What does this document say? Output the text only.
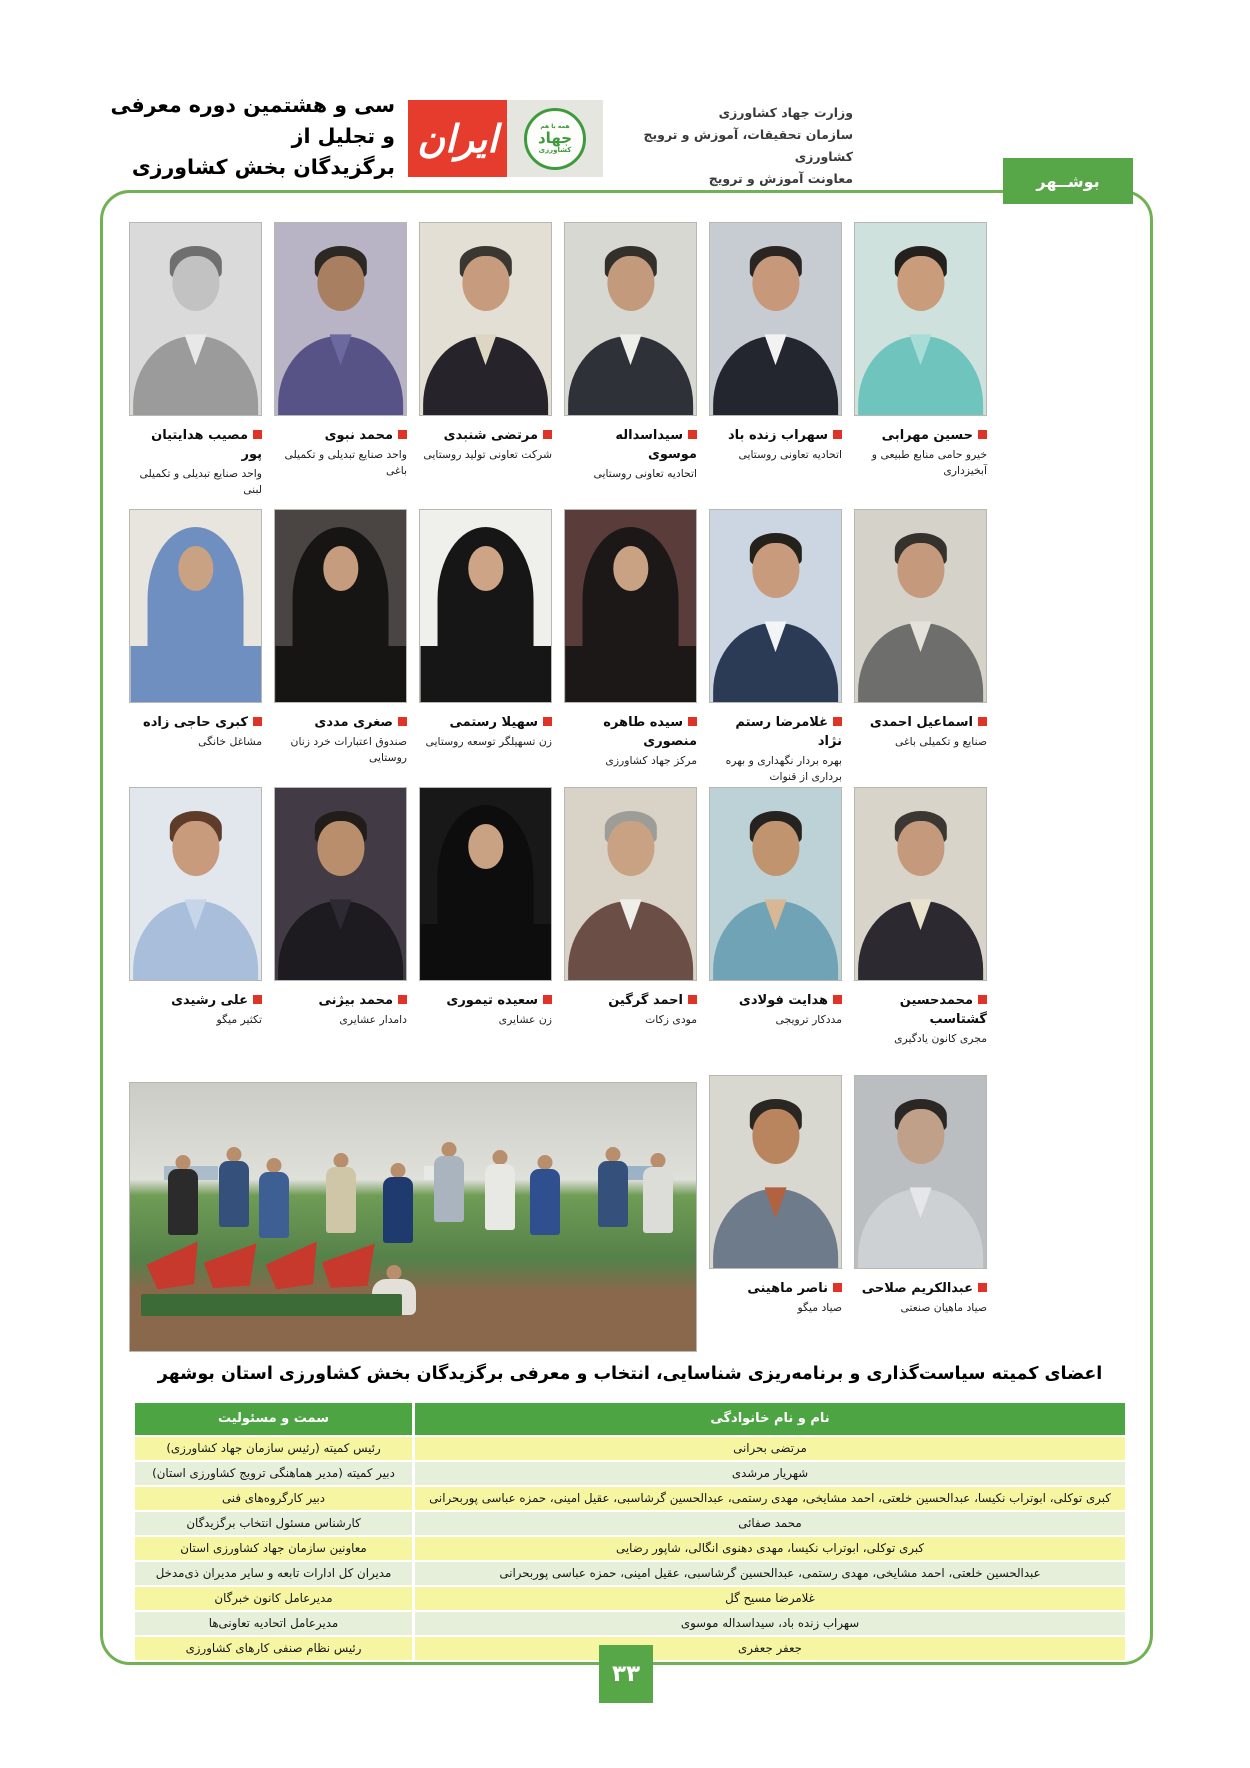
سی و هشتمین دوره معرفی و تجلیل از
برگزیدگان بخش کشاورزی
ایران	همه با هم
جهاد
کشاورزی
وزارت جهاد کشاورزی
سازمان تحقیقات، آموزش و ترویج کشاورزی
معاونت آموزش و ترویج	بوشــهر
حسین مهرابی
خیرو حامی منابع طبیعی و آبخیزداری
سهراب زنده باد
اتحادیه تعاونی روستایی
سیداسداله موسوی
اتحادیه تعاونی روستایی
مرتضی شنبدی
شرکت تعاونی تولید روستایی
محمد نبوی
واحد صنایع تبدیلی و تکمیلی باغی
مصیب هدایتیان پور
واحد صنایع تبدیلی و تکمیلی لبنی
اسماعیل احمدی
صنایع و تکمیلی باغی
غلامرضا رستم نژاد
بهره بردار نگهداری و بهره برداری از قنوات
سیده طاهره منصوری
مرکز جهاد کشاورزی
سهیلا رستمی
زن تسهیلگر توسعه روستایی
صغری مددی
صندوق اعتبارات خرد زنان روستایی
کبری حاجی زاده
مشاغل خانگی
محمدحسین گشتاسب
مجری کانون یادگیری
هدایت فولادی
مددکار ترویجی
احمد گرگین
مودی زکات
سعیده تیموری
زن عشایری
محمد بیژنی
دامدار عشایری
علی رشیدی
تکثیر میگو
عبدالکریم صلاحی
صیاد ماهیان صنعتی
ناصر ماهینی
صیاد میگو
اعضای کمیته سیاست‌گذاری و برنامه‌ریزی شناسایی، انتخاب و معرفی برگزیدگان بخش کشاورزی استان بوشهر
نام و نام خانوادگی
سمت و مسئولیت
مرتضی بحرانی
رئیس کمیته (رئیس سازمان جهاد کشاورزی)
شهریار مرشدی
دبیر کمیته (مدیر هماهنگی ترویج کشاورزی استان)
کبری توکلی، ابوتراب نکیسا، عبدالحسین خلعتی، احمد مشایخی، مهدی رستمی، عبدالحسین گرشاسبی، عقیل امینی، حمزه عباسی پوربحرانی
دبیر کارگروه‌های فنی
محمد صفائی
کارشناس مسئول انتخاب برگزیدگان
کبری توکلی، ابوتراب نکیسا، مهدی دهنوی انگالی، شاپور رضایی
معاونین سازمان جهاد کشاورزی استان
عبدالحسین خلعتی، احمد مشایخی، مهدی رستمی، عبدالحسین گرشاسبی، عقیل امینی، حمزه عباسی پوربحرانی
مدیران کل ادارات تابعه و سایر مدیران ذی‌مدخل
غلامرضا مسیح گل
مدیرعامل کانون خبرگان
سهراب زنده باد، سیداسداله موسوی
مدیرعامل اتحادیه تعاونی‌ها
جعفر جعفری
رئیس نظام صنفی کارهای کشاورزی
۳۳
